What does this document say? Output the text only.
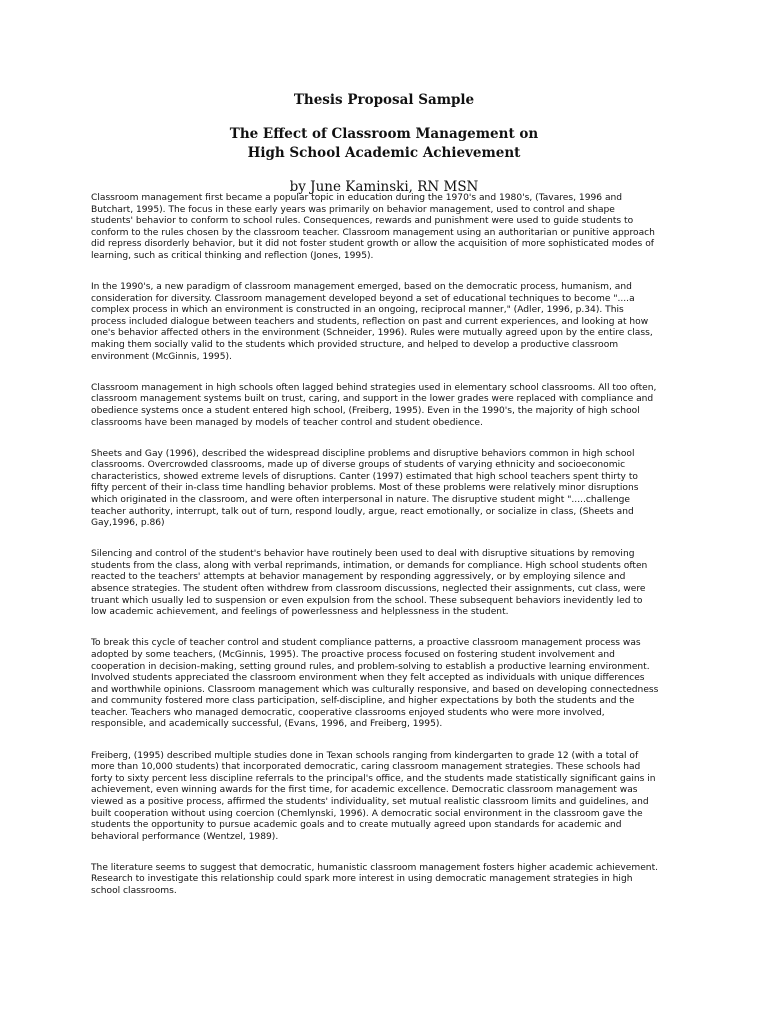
Thesis Proposal Sample
The Effect of Classroom Management on
High School Academic Achievement
by June Kaminski, RN MSN

Classroom management first became a popular topic in education during the 1970's and 1980's, (Tavares, 1996 and
Butchart, 1995). The focus in these early years was primarily on behavior management, used to control and shape
students' behavior to conform to school rules. Consequences, rewards and punishment were used to guide students to
conform to the rules chosen by the classroom teacher. Classroom management using an authoritarian or punitive approach
did repress disorderly behavior, but it did not foster student growth or allow the acquisition of more sophisticated modes of
learning, such as critical thinking and reflection (Jones, 1995).

In the 1990's, a new paradigm of classroom management emerged, based on the democratic process, humanism, and
consideration for diversity. Classroom management developed beyond a set of educational techniques to become "....a
complex process in which an environment is constructed in an ongoing, reciprocal manner," (Adler, 1996, p.34). This
process included dialogue between teachers and students, reflection on past and current experiences, and looking at how
one's behavior affected others in the environment (Schneider, 1996). Rules were mutually agreed upon by the entire class,
making them socially valid to the students which provided structure, and helped to develop a productive classroom
environment (McGinnis, 1995).

Classroom management in high schools often lagged behind strategies used in elementary school classrooms. All too often,
classroom management systems built on trust, caring, and support in the lower grades were replaced with compliance and
obedience systems once a student entered high school, (Freiberg, 1995). Even in the 1990's, the majority of high school
classrooms have been managed by models of teacher control and student obedience.

Sheets and Gay (1996), described the widespread discipline problems and disruptive behaviors common in high school
classrooms. Overcrowded classrooms, made up of diverse groups of students of varying ethnicity and socioeconomic
characteristics, showed extreme levels of disruptions. Canter (1997) estimated that high school teachers spent thirty to
fifty percent of their in-class time handling behavior problems. Most of these problems were relatively minor disruptions
which originated in the classroom, and were often interpersonal in nature. The disruptive student might ".....challenge
teacher authority, interrupt, talk out of turn, respond loudly, argue, react emotionally, or socialize in class, (Sheets and
Gay,1996, p.86)

Silencing and control of the student's behavior have routinely been used to deal with disruptive situations by removing
students from the class, along with verbal reprimands, intimation, or demands for compliance. High school students often
reacted to the teachers' attempts at behavior management by responding aggressively, or by employing silence and
absence strategies. The student often withdrew from classroom discussions, neglected their assignments, cut class, were
truant which usually led to suspension or even expulsion from the school. These subsequent behaviors inevidently led to
low academic achievement, and feelings of powerlessness and helplessness in the student.

To break this cycle of teacher control and student compliance patterns, a proactive classroom management process was
adopted by some teachers, (McGinnis, 1995). The proactive process focused on fostering student involvement and
cooperation in decision-making, setting ground rules, and problem-solving to establish a productive learning environment.
Involved students appreciated the classroom environment when they felt accepted as individuals with unique differences
and worthwhile opinions. Classroom management which was culturally responsive, and based on developing connectedness
and community fostered more class participation, self-discipline, and higher expectations by both the students and the
teacher. Teachers who managed democratic, cooperative classrooms enjoyed students who were more involved,
responsible, and academically successful, (Evans, 1996, and Freiberg, 1995).

Freiberg, (1995) described multiple studies done in Texan schools ranging from kindergarten to grade 12 (with a total of
more than 10,000 students) that incorporated democratic, caring classroom management strategies. These schools had
forty to sixty percent less discipline referrals to the principal's office, and the students made statistically significant gains in
achievement, even winning awards for the first time, for academic excellence. Democratic classroom management was
viewed as a positive process, affirmed the students' individuality, set mutual realistic classroom limits and guidelines, and
built cooperation without using coercion (Chemlynski, 1996). A democratic social environment in the classroom gave the
students the opportunity to pursue academic goals and to create mutually agreed upon standards for academic and
behavioral performance (Wentzel, 1989).

The literature seems to suggest that democratic, humanistic classroom management fosters higher academic achievement.
Research to investigate this relationship could spark more interest in using democratic management strategies in high
school classrooms.
